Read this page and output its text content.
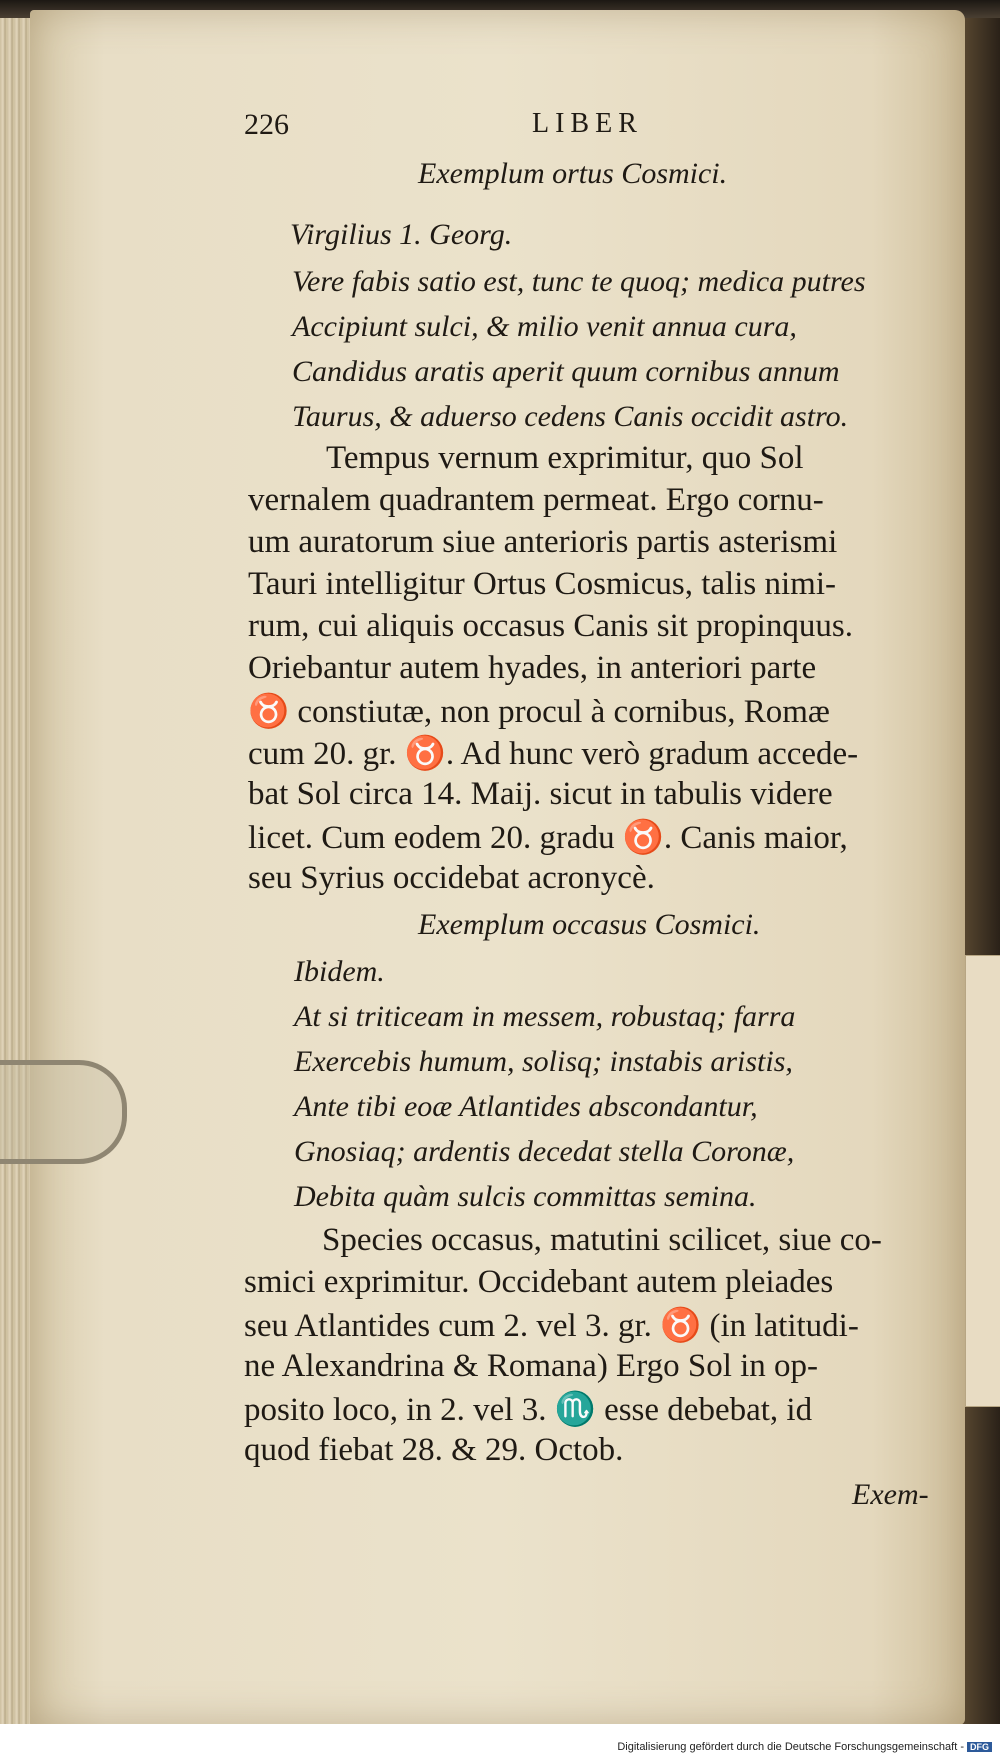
226	LIBER
Exemplum ortus Cosmici.
Virgilius 1. Georg.
Vere fabis satio est, tunc te quoq; medica putres
Accipiunt sulci, & milio venit annua cura,
Candidus aratis aperit quum cornibus annum
Taurus, & aduerso cedens Canis occidit astro.
Tempus vernum exprimitur, quo Sol
vernalem quadrantem permeat. Ergo cornu-
um auratorum siue anterioris partis asterismi
Tauri intelligitur Ortus Cosmicus, talis nimi-
rum, cui aliquis occasus Canis sit propinquus.
Oriebantur autem hyades, in anteriori parte
♉ constiutæ, non procul à cornibus, Romæ
cum 20. gr. ♉. Ad hunc verò gradum accede-
bat Sol circa 14. Maij. sicut in tabulis videre
licet. Cum eodem 20. gradu ♉. Canis maior,
seu Syrius occidebat acronycè.
Exemplum occasus Cosmici.
Ibidem.
At si triticeam in messem, robustaq; farra
Exercebis humum, solisq; instabis aristis,
Ante tibi eoæ Atlantides abscondantur,
Gnosiaq; ardentis decedat stella Coronæ,
Debita quàm sulcis committas semina.
Species occasus, matutini scilicet, siue co-
smici exprimitur. Occidebant autem pleiades
seu Atlantides cum 2. vel 3. gr. ♉ (in latitudi-
ne Alexandrina & Romana) Ergo Sol in op-
posito loco, in 2. vel 3. ♏ esse debebat, id
quod fiebat 28. & 29. Octob.
Exem-
Digitalisierung gefördert durch die Deutsche Forschungsgemeinschaft - DFG
